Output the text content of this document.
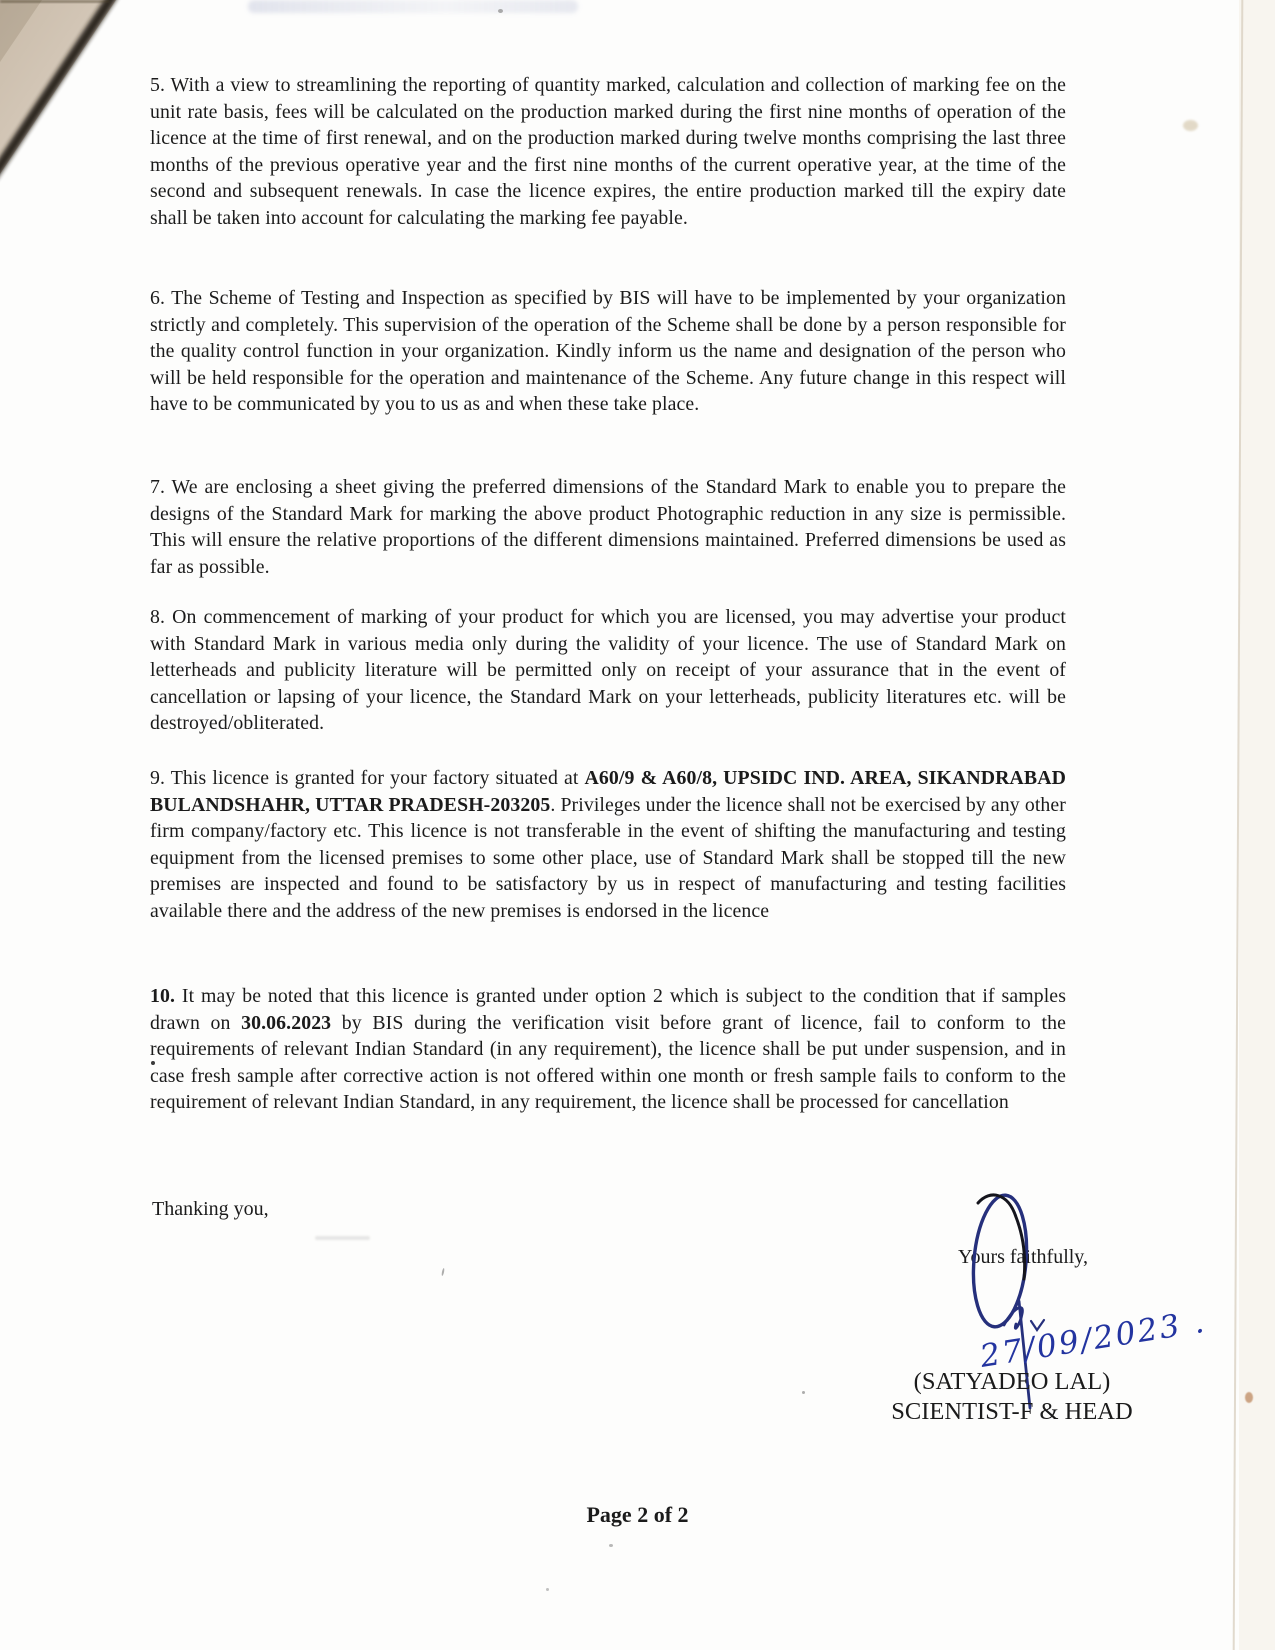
5. With a view to streamlining the reporting of quantity marked, calculation and collection of marking fee on the unit rate basis, fees will be calculated on the production marked during the first nine months of operation of the licence at the time of first renewal, and on the production marked during twelve months comprising the last three months of the previous operative year and the first nine months of the current operative year, at the time of the second and subsequent renewals. In case the licence expires, the entire production marked till the expiry date shall be taken into account for calculating the marking fee payable.
6. The Scheme of Testing and Inspection as specified by BIS will have to be implemented by your organization strictly and completely. This supervision of the operation of the Scheme shall be done by a person responsible for the quality control function in your organization. Kindly inform us the name and designation of the person who will be held responsible for the operation and maintenance of the Scheme. Any future change in this respect will have to be communicated by you to us as and when these take place.
7. We are enclosing a sheet giving the preferred dimensions of the Standard Mark to enable you to prepare the designs of the Standard Mark for marking the above product Photographic reduction in any size is permissible. This will ensure the relative proportions of the different dimensions maintained. Preferred dimensions be used as far as possible.
8. On commencement of marking of your product for which you are licensed, you may advertise your product with Standard Mark in various media only during the validity of your licence. The use of Standard Mark on letterheads and publicity literature will be permitted only on receipt of your assurance that in the event of cancellation or lapsing of your licence, the Standard Mark on your letterheads, publicity literatures etc. will be destroyed/obliterated.
9. This licence is granted for your factory situated at A60/9 & A60/8, UPSIDC IND. AREA, SIKANDRABAD BULANDSHAHR, UTTAR PRADESH-203205. Privileges under the licence shall not be exercised by any other firm company/factory etc. This licence is not transferable in the event of shifting the manufacturing and testing equipment from the licensed premises to some other place, use of Standard Mark shall be stopped till the new premises are inspected and found to be satisfactory by us in respect of manufacturing and testing facilities available there and the address of the new premises is endorsed in the licence
10. It may be noted that this licence is granted under option 2 which is subject to the condition that if samples drawn on 30.06.2023 by BIS during the verification visit before grant of licence, fail to conform to the requirements of relevant Indian Standard (in any requirement), the licence shall be put under suspension, and in case fresh sample after corrective action is not offered within one month or fresh sample fails to conform to the requirement of relevant Indian Standard, in any requirement, the licence shall be processed for cancellation
Thanking you,
Yours faithfully,
27/09/2023 .
(SATYADEO LAL)
SCIENTIST-F & HEAD
Page 2 of 2
